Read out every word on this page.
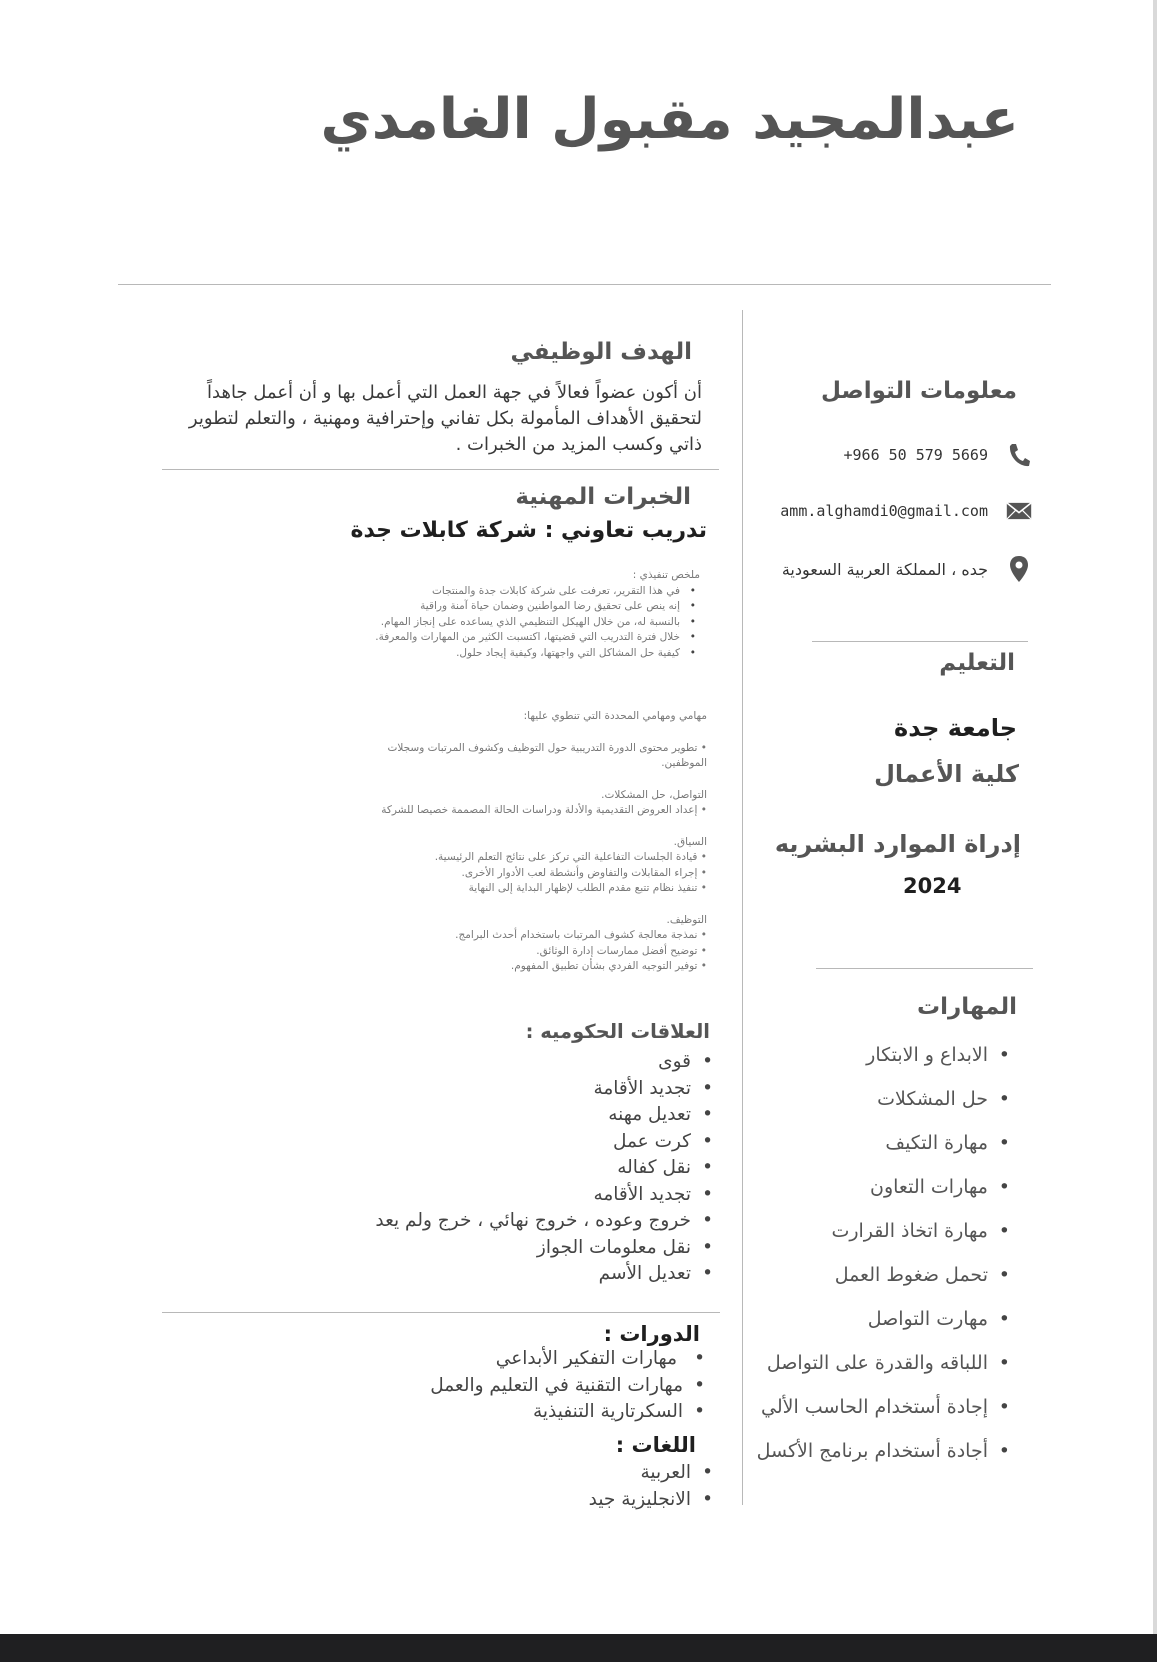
عبدالمجيد مقبول الغامدي
معلومات التواصل
+966 50 579 5669
amm.alghamdi0@gmail.com
جده ، المملكة العربية السعودية
التعليم
جامعة جدة
كلية الأعمال
إدراة الموارد البشريه
2024
المهارات
• الابداع و الابتكار
• حل المشكلات
• مهارة التكيف
• مهارات التعاون
• مهارة اتخاذ القرارت
• تحمل ضغوط العمل
• مهارت التواصل
• اللباقه والقدرة على التواصل
• إجادة أستخدام الحاسب الألي
• أجادة أستخدام برنامج الأكسل
الهدف الوظيفي
أن أكون عضواً فعالاً في جهة العمل التي أعمل بها و أن أعمل جاهداً لتحقيق الأهداف المأمولة بكل تفاني وإحترافية ومهنية ، والتعلم لتطوير ذاتي وكسب المزيد من الخبرات .
الخبرات المهنية
تدريب تعاوني : شركة كابلات جدة
ملخص تنفيذي :
• في هذا التقرير، تعرفت على شركة كابلات جدة والمنتجات
• إنه ينص على تحقيق رضا المواطنين وضمان حياة آمنة وراقية
• بالنسبة له، من خلال الهيكل التنظيمي الذي يساعده على إنجاز المهام.
• خلال فترة التدريب التي قضيتها، اكتسبت الكثير من المهارات والمعرفة.
• كيفية حل المشاكل التي واجهتها، وكيفية إيجاد حلول.
مهامي ومهامي المحددة التي تنطوي عليها:
• تطوير محتوى الدورة التدريبية حول التوظيف وكشوف المرتبات وسجلات الموظفين.
التواصل، حل المشكلات.
• إعداد العروض التقديمية والأدلة ودراسات الحالة المصممة خصيصا للشركة
السياق.
• قيادة الجلسات التفاعلية التي تركز على نتائج التعلم الرئيسية.
• إجراء المقابلات والتفاوض وأنشطة لعب الأدوار الأخرى.
• تنفيذ نظام تتبع مقدم الطلب لإظهار البداية إلى النهاية
التوظيف.
• نمذجة معالجة كشوف المرتبات باستخدام أحدث البرامج.
• توضيح أفضل ممارسات إدارة الوثائق.
• توفير التوجيه الفردي بشأن تطبيق المفهوم.
العلاقات الحكوميه :
• قوى
• تجديد الأقامة
• تعديل مهنه
• كرت عمل
• نقل كفاله
• تجديد الأقامه
• خروج وعوده ، خروج نهائي ، خرج ولم يعد
• نقل معلومات الجواز
• تعديل الأسم
الدورات :
• مهارات التفكير الأبداعي
• مهارات التقنية في التعليم والعمل
• السكرتارية التنفيذية
اللغات :
• العربية
• الانجليزية جيد
